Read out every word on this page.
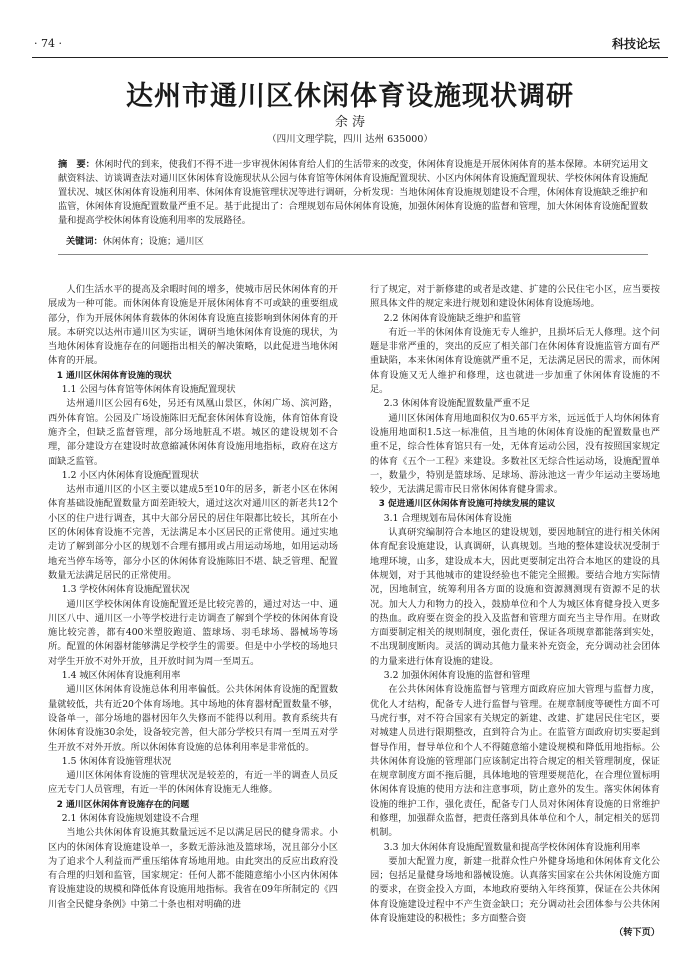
· 74 ·	科技论坛
达州市通川区休闲体育设施现状调研
余 涛
（四川文理学院，四川 达州 635000）
摘　要：休闲时代的到来，使我们不得不进一步审视休闲体育给人们的生活带来的改变，休闲体育设施是开展休闲体育的基本保障。本研究运用文献资料法、访谈调查法对通川区休闲体育设施现状从公园与体育馆等休闲体育设施配置现状、小区内休闲体育设施配置现状、学校休闲体育设施配置状况、城区休闲体育设施利用率、休闲体育设施管理状况等进行调研，分析发现：当地休闲体育设施规划建设不合理，休闲体育设施缺乏维护和监管，休闲体育设施配置数量严重不足。基于此提出了：合理规划布局休闲体育设施，加强休闲体育设施的监督和管理，加大休闲体育设施配置数量和提高学校休闲体育设施利用率的发展路径。
关键词：休闲体育；设施；通川区

人们生活水平的提高及余暇时间的增多，使城市居民休闲体育的开展成为一种可能。而休闲体育设施是开展休闲体育不可或缺的重要组成部分，作为开展休闲体育载体的休闲体育设施直接影响到休闲体育的开展。本研究以达州市通川区为实证，调研当地休闲体育设施的现状，为当地休闲体育设施存在的问题指出相关的解决策略，以此促进当地休闲体育的开展。

1 通川区休闲体育设施的现状

1.1 公园与体育馆等休闲体育设施配置现状

达州通川区公园有6处，另还有凤凰山景区，休闲广场、滨河路，西外体育馆。公园及广场设施陈旧无配套休闲体育设施，体育馆体育设施齐全，但缺乏监督管理，部分场地脏乱不堪。城区的建设规划不合理，部分建设方在建设时故意縮减休闲体育设施用地指标，政府在这方面缺乏监管。

1.2 小区内休闲体育设施配置现状

达州市通川区的小区主要以建成5至10年的居多，新老小区在休闲体育基础设施配置数量方面差距较大，通过这次对通川区的新老共12个小区的住户进行调查，其中大部分居民的居住年限都比较长，其所在小区的休闲体育设施不完善，无法满足本小区居民的正常使用。通过实地走访了解到部分小区的规划不合理有挪用或占用运动场地，如用运动场地充当停车场等，部分小区的休闲体育设施陈旧不堪、缺乏管理、配置数量无法满足居民的正常使用。

1.3 学校休闲体育设施配置状况

通川区学校休闲体育设施配置还是比较完善的，通过对达一中、通川区八中、通川区一小等学校进行走访调查了解到个学校的休闲体育设施比较完善，都有400米塑胶跑道、篮球场、羽毛球场、器械场等场所。配置的休闲器材能够满足学校学生的需要。但是中小学校的场地只对学生开放不对外开放，且开放时间为周一至周五。

1.4 城区休闲体育设施利用率

通川区休闲体育设施总体利用率偏低。公共休闲体育设施的配置数量就较低，共有近20个体育场地。其中场地的体育器材配置数量不够，设备单一，部分场地的器材因年久失修而不能得以利用。教育系统共有休闲体育设施30余处，设备较完善，但大部分学校只有周一至周五对学生开放不对外开放。所以休闲体育设施的总体利用率是非常低的。

1.5 休闲体育设施管理状况

通川区休闲体育设施的管理状况是较差的，有近一半的调查人员反应无专门人员管理，有近一半的休闲体育设施无人维修。

2 通川区休闲体育设施存在的问题

2.1 休闲体育设施规划建设不合理

当地公共休闲体育设施其数量远远不足以满足居民的健身需求。小区内的休闲体育设施建设单一，多数无游泳池及篮球场，况且部分小区为了追求个人利益而严重压缩体育场地用地。由此突出的反应出政府没有合理的归划和监管，国家规定：任何人都不能随意缩小小区内休闲体育设施建设的规模和降低体育设施用地指标。我省在09年所制定的《四川省全民健身条例》中第二十条也相对明确的进

行了规定，对于新修建的或者是改建、扩建的公民住宅小区，应当要按照具体文件的规定来进行规划和建设休闲体育设施场地。

2.2 休闲体育设施缺乏维护和监管

有近一半的休闲体育设施无专人维护，且损坏后无人修理。这个问题是非常严重的，突出的反应了相关部门在休闲体育设施监管方面有严重缺陷，本来休闲体育设施就严重不足，无法满足居民的需求，而休闲体育设施又无人维护和修理，这也就进一步加重了休闲体育设施的不足。

2.3 休闲体育设施配置数量严重不足

通川区休闲体育用地面积仅为0.65平方米，远远低于人均休闲体育设施用地面积1.5这一标准值，且当地的休闲体育设施的配置数量也严重不足，综合性体育馆只有一处，无体育运动公园，没有按照国家规定的体育《五个一工程》来建设。多数社区无综合性运动场，设施配置单一，数量少，特别是篮球场、足球场、游泳池这一青少年运动主要场地较少，无法满足需市民日常休闲体育健身需求。

3 促进通川区休闲体育设施可持续发展的建议

3.1 合理规划布局休闲体育设施

认真研究编制符合本地区的建设规划，要因地制宜的进行相关休闲体育配套设施建设，认真调研，认真规划。当地的整体建设状况受制于地理环境，山多，建设成本大，因此更要制定出符合本地区的建设的具体规划，对于其他城市的建设经验也不能完全照搬。要结合地方实际情况，因地制宜，统筹利用各方面的设施和资源测测现有资源不足的状况。加大人力和物力的投入，鼓励单位和个人为城区体育健身投入更多的热血。政府要在资金的投入及监督和管理方面充当主导作用。在财政方面要制定相关的规则制度，强化责任，保证各项规章都能落到实处，不出现制度断肉。灵活的调动其他力量来补充资金，充分调动社会团体的力量来进行体育设施的建设。

3.2 加强休闲体育设施的监督和管理

在公共休闲体育设施监督与管理方面政府应加大管理与监督力度，优化人才结构，配备专人进行监督与管理。在规章制度等硬性方面不可马虎行事，对不符合国家有关规定的新建、改建、扩建居民住宅区，要对城建人员进行限期整改，直到符合为止。在监管方面政府切实要起到督导作用，督导单位和个人不得随意缩小建设规模和降低用地指标。公共休闲体育设施的管理部门应该制定出符合规定的相关管理制度，保证在规章制度方面不拖后腿，具体地地的管理要规范化，在合理位置标明休闲体育设施的使用方法和注意事项，防止意外的发生。落实休闲体育设施的维护工作，强化责任，配备专门人员对休闲体育设施的日常维护和修理，加强群众监督，把责任落到具体单位和个人，制定相关的惩罚机制。

3.3 加大休闲体育设施配置数量和提高学校休闲体育设施利用率

要加大配置力度，新建一批群众性户外健身场地和休闲体育文化公园；包括足量健身场地和器械设施。认真落实国家在公共休闲设施方面的要求，在资金投入方面，本地政府要纳入年终预算，保证在公共休闲体育设施建设过程中不产生资金缺口；充分调动社会团体参与公共休闲体育设施建设的积极性；多方面整合资

（转下页）
